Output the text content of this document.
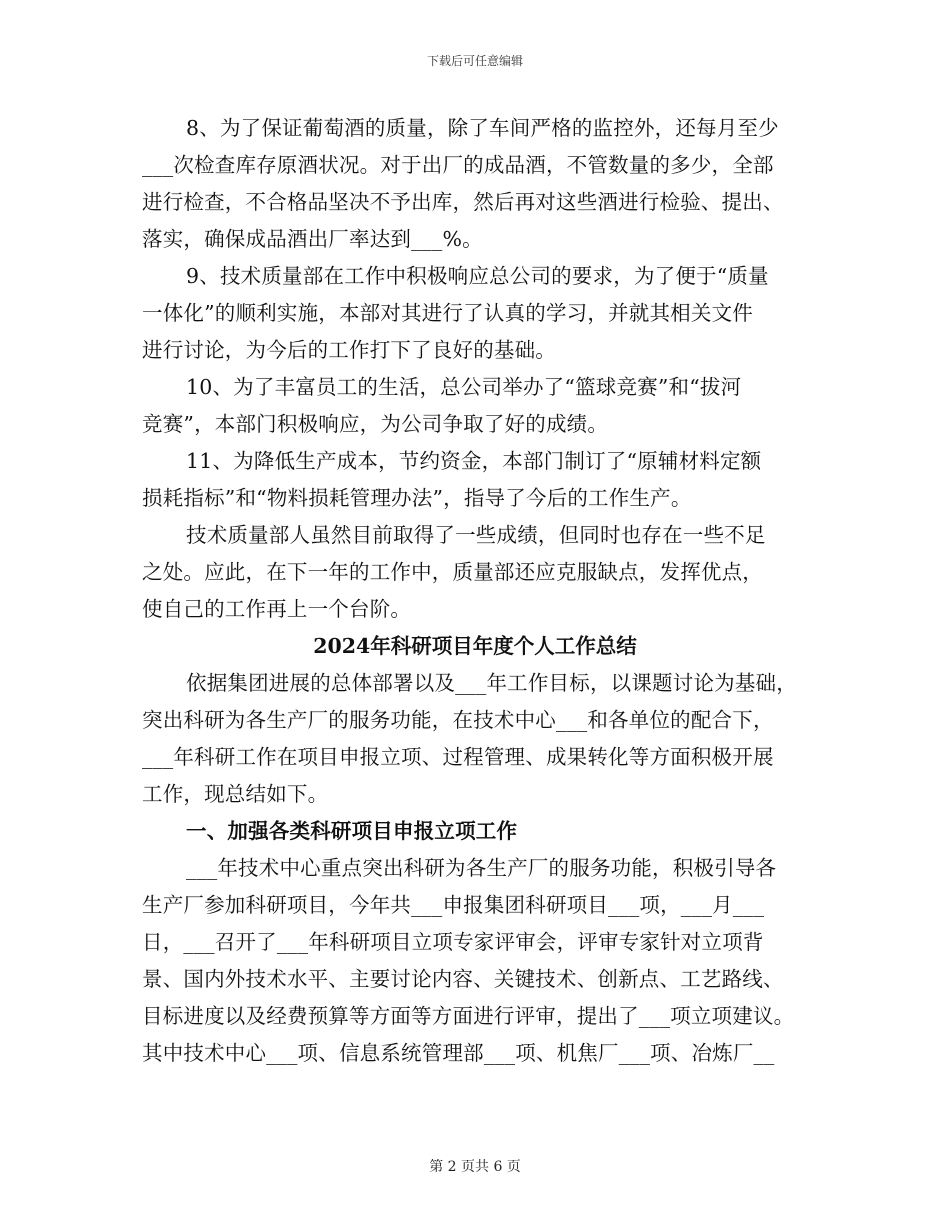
下载后可任意编辑
8、为了保证葡萄酒的质量，除了车间严格的监控外，还每月至少
___次检查库存原酒状况。对于出厂的成品酒，不管数量的多少，全部
进行检查，不合格品坚决不予出库，然后再对这些酒进行检验、提出、
落实，确保成品酒出厂率达到___%。
9、技术质量部在工作中积极响应总公司的要求，为了便于“质量
一体化”的顺利实施，本部对其进行了认真的学习，并就其相关文件
进行讨论，为今后的工作打下了良好的基础。
10、为了丰富员工的生活，总公司举办了“篮球竞赛”和“拔河
竞赛”，本部门积极响应，为公司争取了好的成绩。
11、为降低生产成本，节约资金，本部门制订了“原辅材料定额
损耗指标”和“物料损耗管理办法”，指导了今后的工作生产。
技术质量部人虽然目前取得了一些成绩，但同时也存在一些不足
之处。应此，在下一年的工作中，质量部还应克服缺点，发挥优点，
使自己的工作再上一个台阶。
2024年科研项目年度个人工作总结
依据集团进展的总体部署以及___年工作目标，以课题讨论为基础，
突出科研为各生产厂的服务功能，在技术中心___和各单位的配合下，
___年科研工作在项目申报立项、过程管理、成果转化等方面积极开展
工作，现总结如下。
一、加强各类科研项目申报立项工作
___年技术中心重点突出科研为各生产厂的服务功能，积极引导各
生产厂参加科研项目，今年共___申报集团科研项目___项，___月___
日，___召开了___年科研项目立项专家评审会，评审专家针对立项背
景、国内外技术水平、主要讨论内容、关键技术、创新点、工艺路线、
目标进度以及经费预算等方面等方面进行评审，提出了___项立项建议。
其中技术中心___项、信息系统管理部___项、机焦厂___项、冶炼厂__
第 2 页共 6 页
